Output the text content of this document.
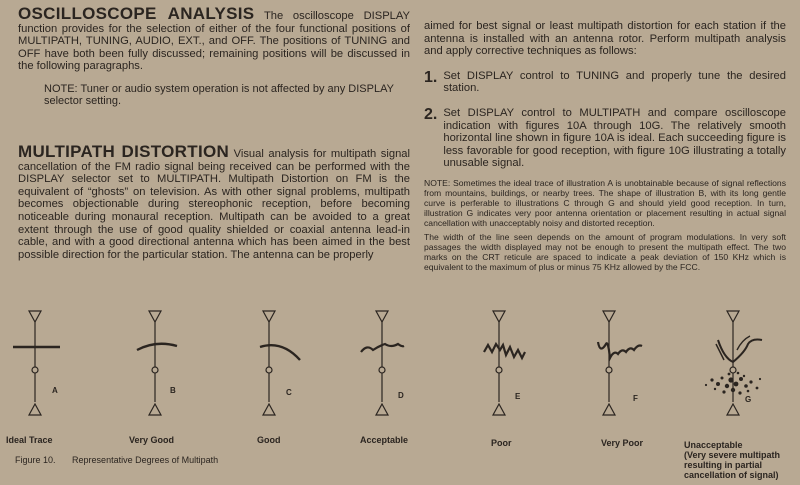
OSCILLOSCOPE ANALYSIS The oscilloscope DISPLAY function provides for the selection of either of the four functional positions of MULTIPATH, TUNING, AUDIO, EXT., and OFF. The positions of TUNING and OFF have both been fully discussed; remaining positions will be discussed in the following paragraphs.

NOTE: Tuner or audio system operation is not affected by any DISPLAY selector setting.

MULTIPATH DISTORTION Visual analysis for multipath signal cancellation of the FM radio signal being received can be performed with the DISPLAY selector set to MULTIPATH. Multipath Distortion on FM is the equivalent of “ghosts” on television. As with other signal problems, multipath becomes objectionable during stereophonic reception, before becoming noticeable during monaural reception. Multipath can be avoided to a great extent through the use of good quality shielded or coaxial antenna lead-in cable, and with a good directional antenna which has been aimed in the best possible direction for the particular station. The antenna can be properly

aimed for best signal or least multipath distortion for each station if the antenna is installed with an antenna rotor. Perform multipath analysis and apply corrective techniques as follows:

1. Set DISPLAY control to TUNING and properly tune the desired station.
2. Set DISPLAY control to MULTIPATH and compare oscilloscope indication with figures 10A through 10G. The relatively smooth horizontal line shown in figure 10A is ideal. Each succeeding figure is less favorable for good reception, with figure 10G illustrating a totally unusable signal.

NOTE: Sometimes the ideal trace of illustration A is unobtainable because of signal reflections from mountains, buildings, or nearby trees. The shape of illustration B, with its long gentle curve is perferable to illustrations C through G and should yield good reception. In turn, illustration G indicates very poor antenna orientation or placement resulting in actual signal cancellation with unacceptably noisy and distorted reception.

The width of the line seen depends on the amount of program modulations. In very soft passages the width displayed may not be enough to present the multipath effect. The two marks on the CRT reticule are spaced to indicate a peak deviation of 150 KHz which is equivalent to the maximum of plus or minus 75 KHz allowed by the FCC.

A	B	C	D	E	F	G
Ideal Trace	Very Good	Good	Acceptable	Poor	Very Poor	Unacceptable
(Very severe multipath resulting in partial cancellation of signal)
Figure 10. Representative Degrees of Multipath
